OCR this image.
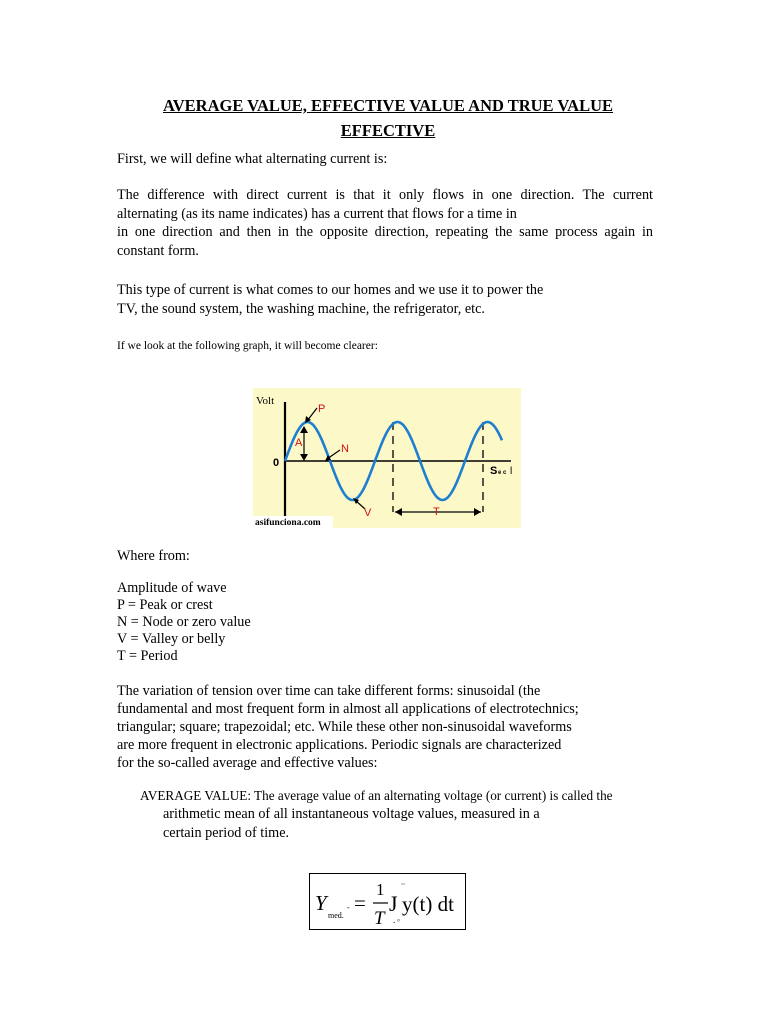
AVERAGE VALUE, EFFECTIVE VALUE AND TRUE VALUE
EFFECTIVE
First, we will define what alternating current is:
The difference with direct current is that it only flows in one direction. The current
alternating (as its name indicates) has a current that flows for a time in
in one direction and then in the opposite direction, repeating the same process again in
constant form.
This type of current is what comes to our homes and we use it to power the
TV, the sound system, the washing machine, the refrigerator, etc.
If we look at the following graph, it will become clearer:
Volt
0
P
A	N
V	T
S e c l
asifunciona.com
Where from:
Amplitude of wave
P = Peak or crest
N = Node or zero value
V = Valley or belly
T = Period
The variation of tension over time can take different forms: sinusoidal (the
fundamental and most frequent form in almost all applications of electrotechnics;
triangular; square; trapezoidal; etc. While these other non-sinusoidal waveforms
are more frequent in electronic applications. Periodic signals are characterized
for the so-called average and effective values:
AVERAGE VALUE: The average value of an alternating voltage (or current) is called the
arithmetic mean of all instantaneous voltage values, measured in a
certain period of time.
Y
med.
- =
1
T
J
""
- °
y(t) dt
